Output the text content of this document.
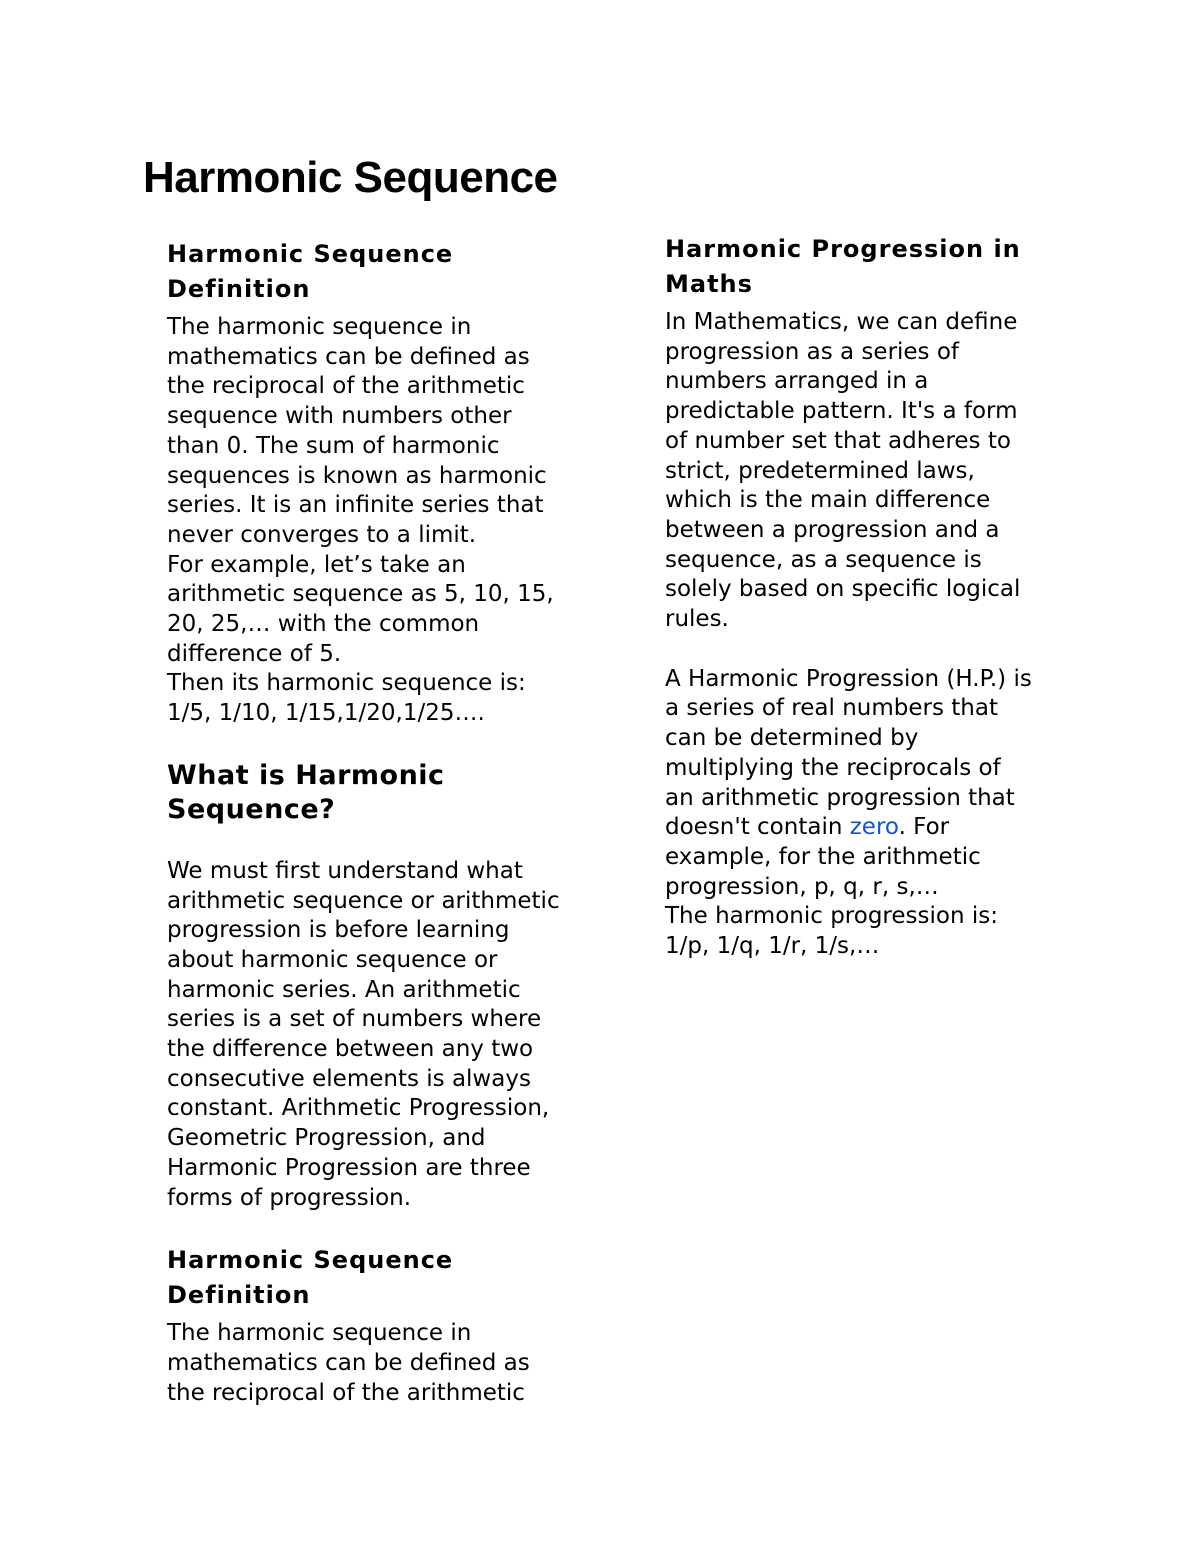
Harmonic Sequence
Harmonic Sequence
Definition

The harmonic sequence in
mathematics can be defined as
the reciprocal of the arithmetic
sequence with numbers other
than 0. The sum of harmonic
sequences is known as harmonic
series. It is an infinite series that
never converges to a limit.
For example, let’s take an
arithmetic sequence as 5, 10, 15,
20, 25,… with the common
difference of 5.
Then its harmonic sequence is:
1/5, 1/10, 1/15,1/20,1/25….

What is Harmonic
Sequence?

We must first understand what
arithmetic sequence or arithmetic
progression is before learning
about harmonic sequence or
harmonic series. An arithmetic
series is a set of numbers where
the difference between any two
consecutive elements is always
constant. Arithmetic Progression,
Geometric Progression, and
Harmonic Progression are three
forms of progression.

Harmonic Sequence
Definition

The harmonic sequence in
mathematics can be defined as
the reciprocal of the arithmetic

Harmonic Progression in
Maths

In Mathematics, we can define
progression as a series of
numbers arranged in a
predictable pattern. It's a form
of number set that adheres to
strict, predetermined laws,
which is the main difference
between a progression and a
sequence, as a sequence is
solely based on specific logical
rules.

A Harmonic Progression (H.P.) is
a series of real numbers that
can be determined by
multiplying the reciprocals of
an arithmetic progression that
doesn't contain zero. For
example, for the arithmetic
progression, p, q, r, s,…
The harmonic progression is:
1/p, 1/q, 1/r, 1/s,…
